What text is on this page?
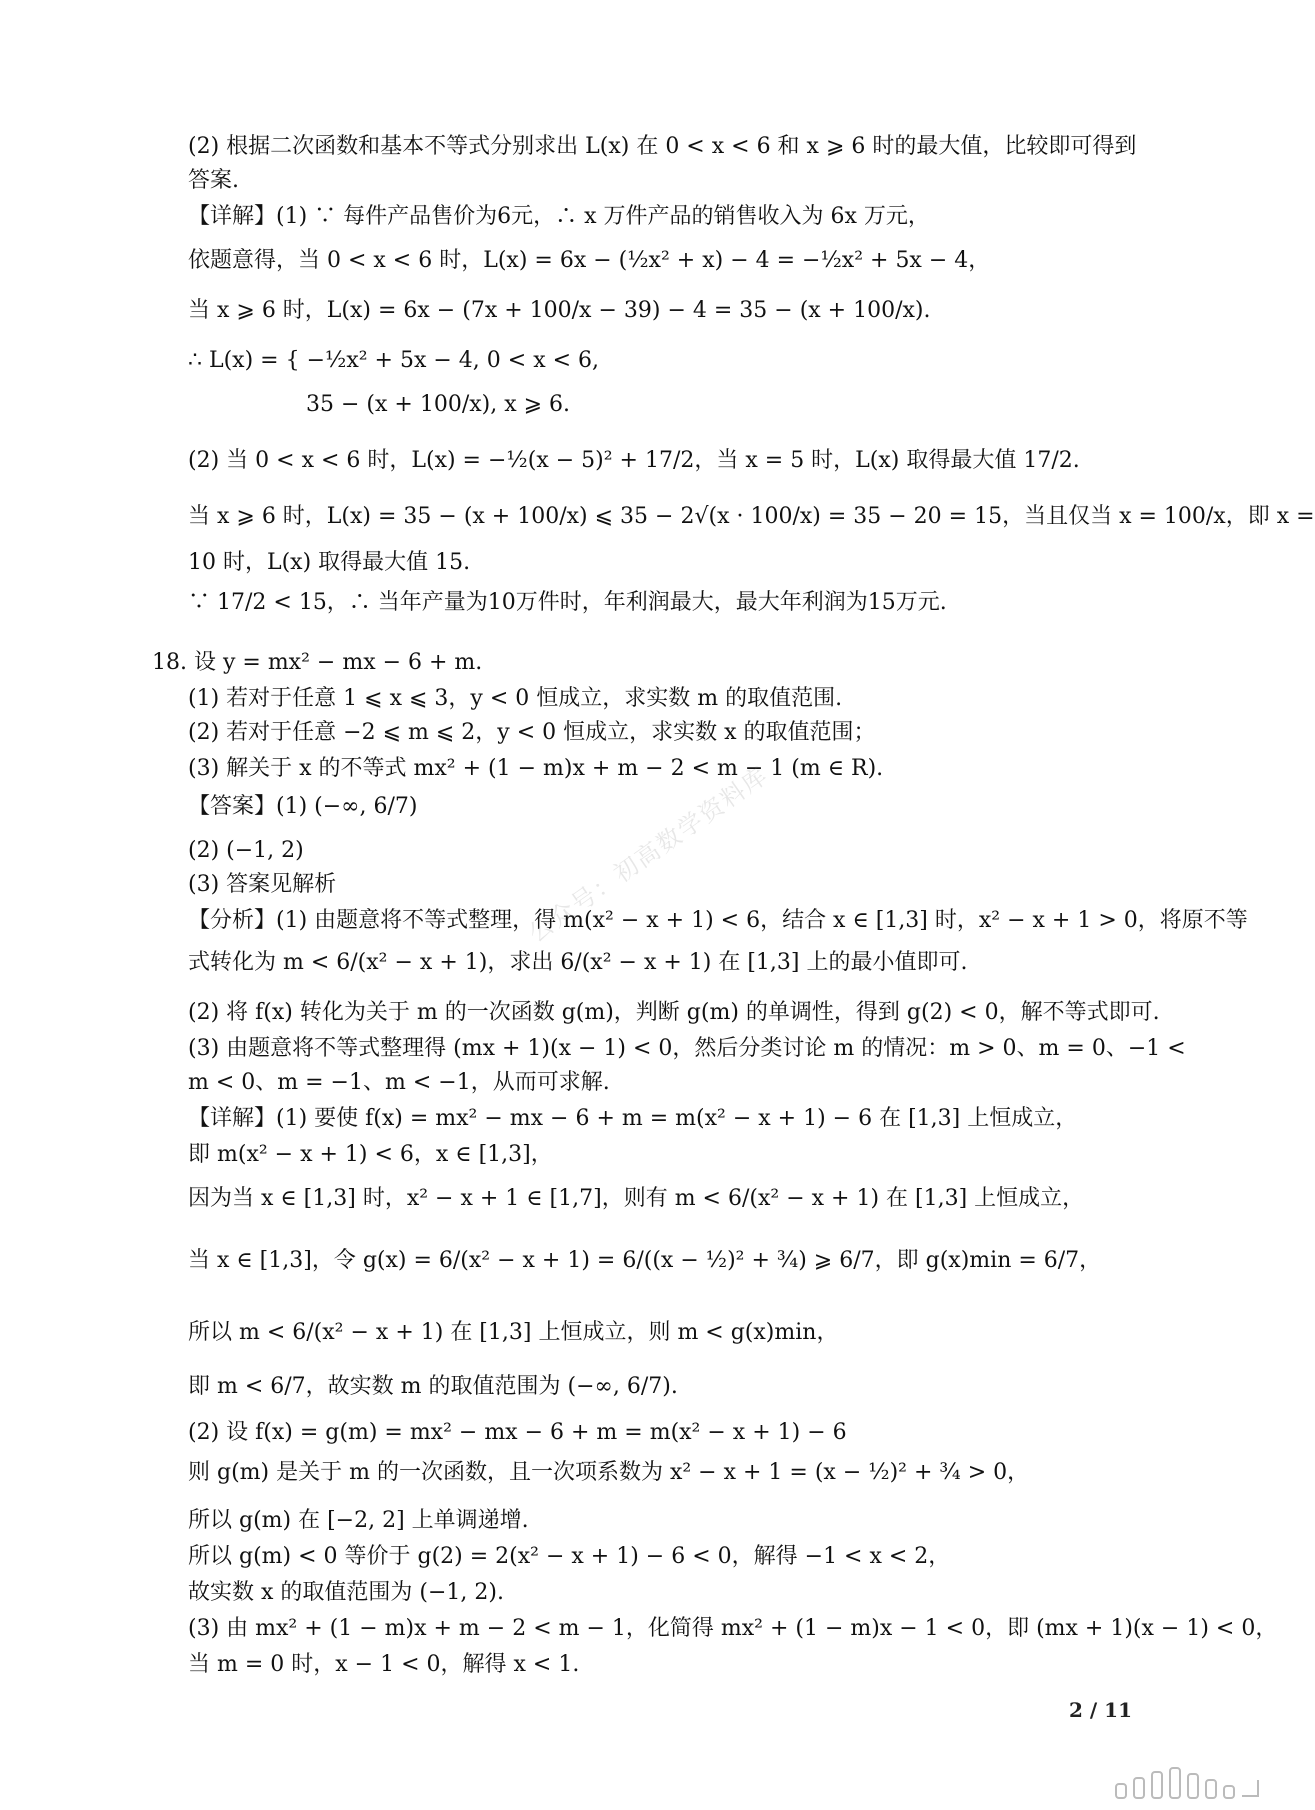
(2) 根据二次函数和基本不等式分别求出 L(x) 在 0 < x < 6 和 x ⩾ 6 时的最大值，比较即可得到答案.
【详解】(1) ∵ 每件产品售价为6元，∴ x 万件产品的销售收入为 6x 万元，
依题意得，当 0 < x < 6 时，L(x) = 6x − (½x² + x) − 4 = −½x² + 5x − 4，
当 x ⩾ 6 时，L(x) = 6x − (7x + 100/x − 39) − 4 = 35 − (x + 100/x).
∴ L(x) = { −½x² + 5x − 4, 0 < x < 6,
35 − (x + 100/x), x ⩾ 6.
(2) 当 0 < x < 6 时，L(x) = −½(x − 5)² + 17/2，当 x = 5 时，L(x) 取得最大值 17/2.
当 x ⩾ 6 时，L(x) = 35 − (x + 100/x) ⩽ 35 − 2√(x · 100/x) = 35 − 20 = 15，当且仅当 x = 100/x，即 x =
10 时，L(x) 取得最大值 15.
∵ 17/2 < 15，∴ 当年产量为10万件时，年利润最大，最大年利润为15万元.
18. 设 y = mx² − mx − 6 + m.
(1) 若对于任意 1 ⩽ x ⩽ 3，y < 0 恒成立，求实数 m 的取值范围.
(2) 若对于任意 −2 ⩽ m ⩽ 2，y < 0 恒成立，求实数 x 的取值范围；
(3) 解关于 x 的不等式 mx² + (1 − m)x + m − 2 < m − 1 (m ∈ R).
【答案】(1) (−∞, 6/7)
(2) (−1, 2)
(3) 答案见解析
【分析】(1) 由题意将不等式整理，得 m(x² − x + 1) < 6，结合 x ∈ [1,3] 时，x² − x + 1 > 0，将原不等
式转化为 m < 6/(x² − x + 1)，求出 6/(x² − x + 1) 在 [1,3] 上的最小值即可.
(2) 将 f(x) 转化为关于 m 的一次函数 g(m)，判断 g(m) 的单调性，得到 g(2) < 0，解不等式即可.
(3) 由题意将不等式整理得 (mx + 1)(x − 1) < 0，然后分类讨论 m 的情况：m > 0、m = 0、−1 <
m < 0、m = −1、m < −1，从而可求解.
【详解】(1) 要使 f(x) = mx² − mx − 6 + m = m(x² − x + 1) − 6 在 [1,3] 上恒成立，
即 m(x² − x + 1) < 6，x ∈ [1,3]，
因为当 x ∈ [1,3] 时，x² − x + 1 ∈ [1,7]，则有 m < 6/(x² − x + 1) 在 [1,3] 上恒成立，
当 x ∈ [1,3]，令 g(x) = 6/(x² − x + 1) = 6/((x − ½)² + ¾) ⩾ 6/7，即 g(x)min = 6/7，
所以 m < 6/(x² − x + 1) 在 [1,3] 上恒成立，则 m < g(x)min，
即 m < 6/7，故实数 m 的取值范围为 (−∞, 6/7).
(2) 设 f(x) = g(m) = mx² − mx − 6 + m = m(x² − x + 1) − 6
则 g(m) 是关于 m 的一次函数，且一次项系数为 x² − x + 1 = (x − ½)² + ¾ > 0，
所以 g(m) 在 [−2, 2] 上单调递增.
所以 g(m) < 0 等价于 g(2) = 2(x² − x + 1) − 6 < 0，解得 −1 < x < 2，
故实数 x 的取值范围为 (−1, 2).
(3) 由 mx² + (1 − m)x + m − 2 < m − 1，化简得 mx² + (1 − m)x − 1 < 0，即 (mx + 1)(x − 1) < 0，
当 m = 0 时，x − 1 < 0，解得 x < 1.
公众号：初高数学资料库
2 / 11
